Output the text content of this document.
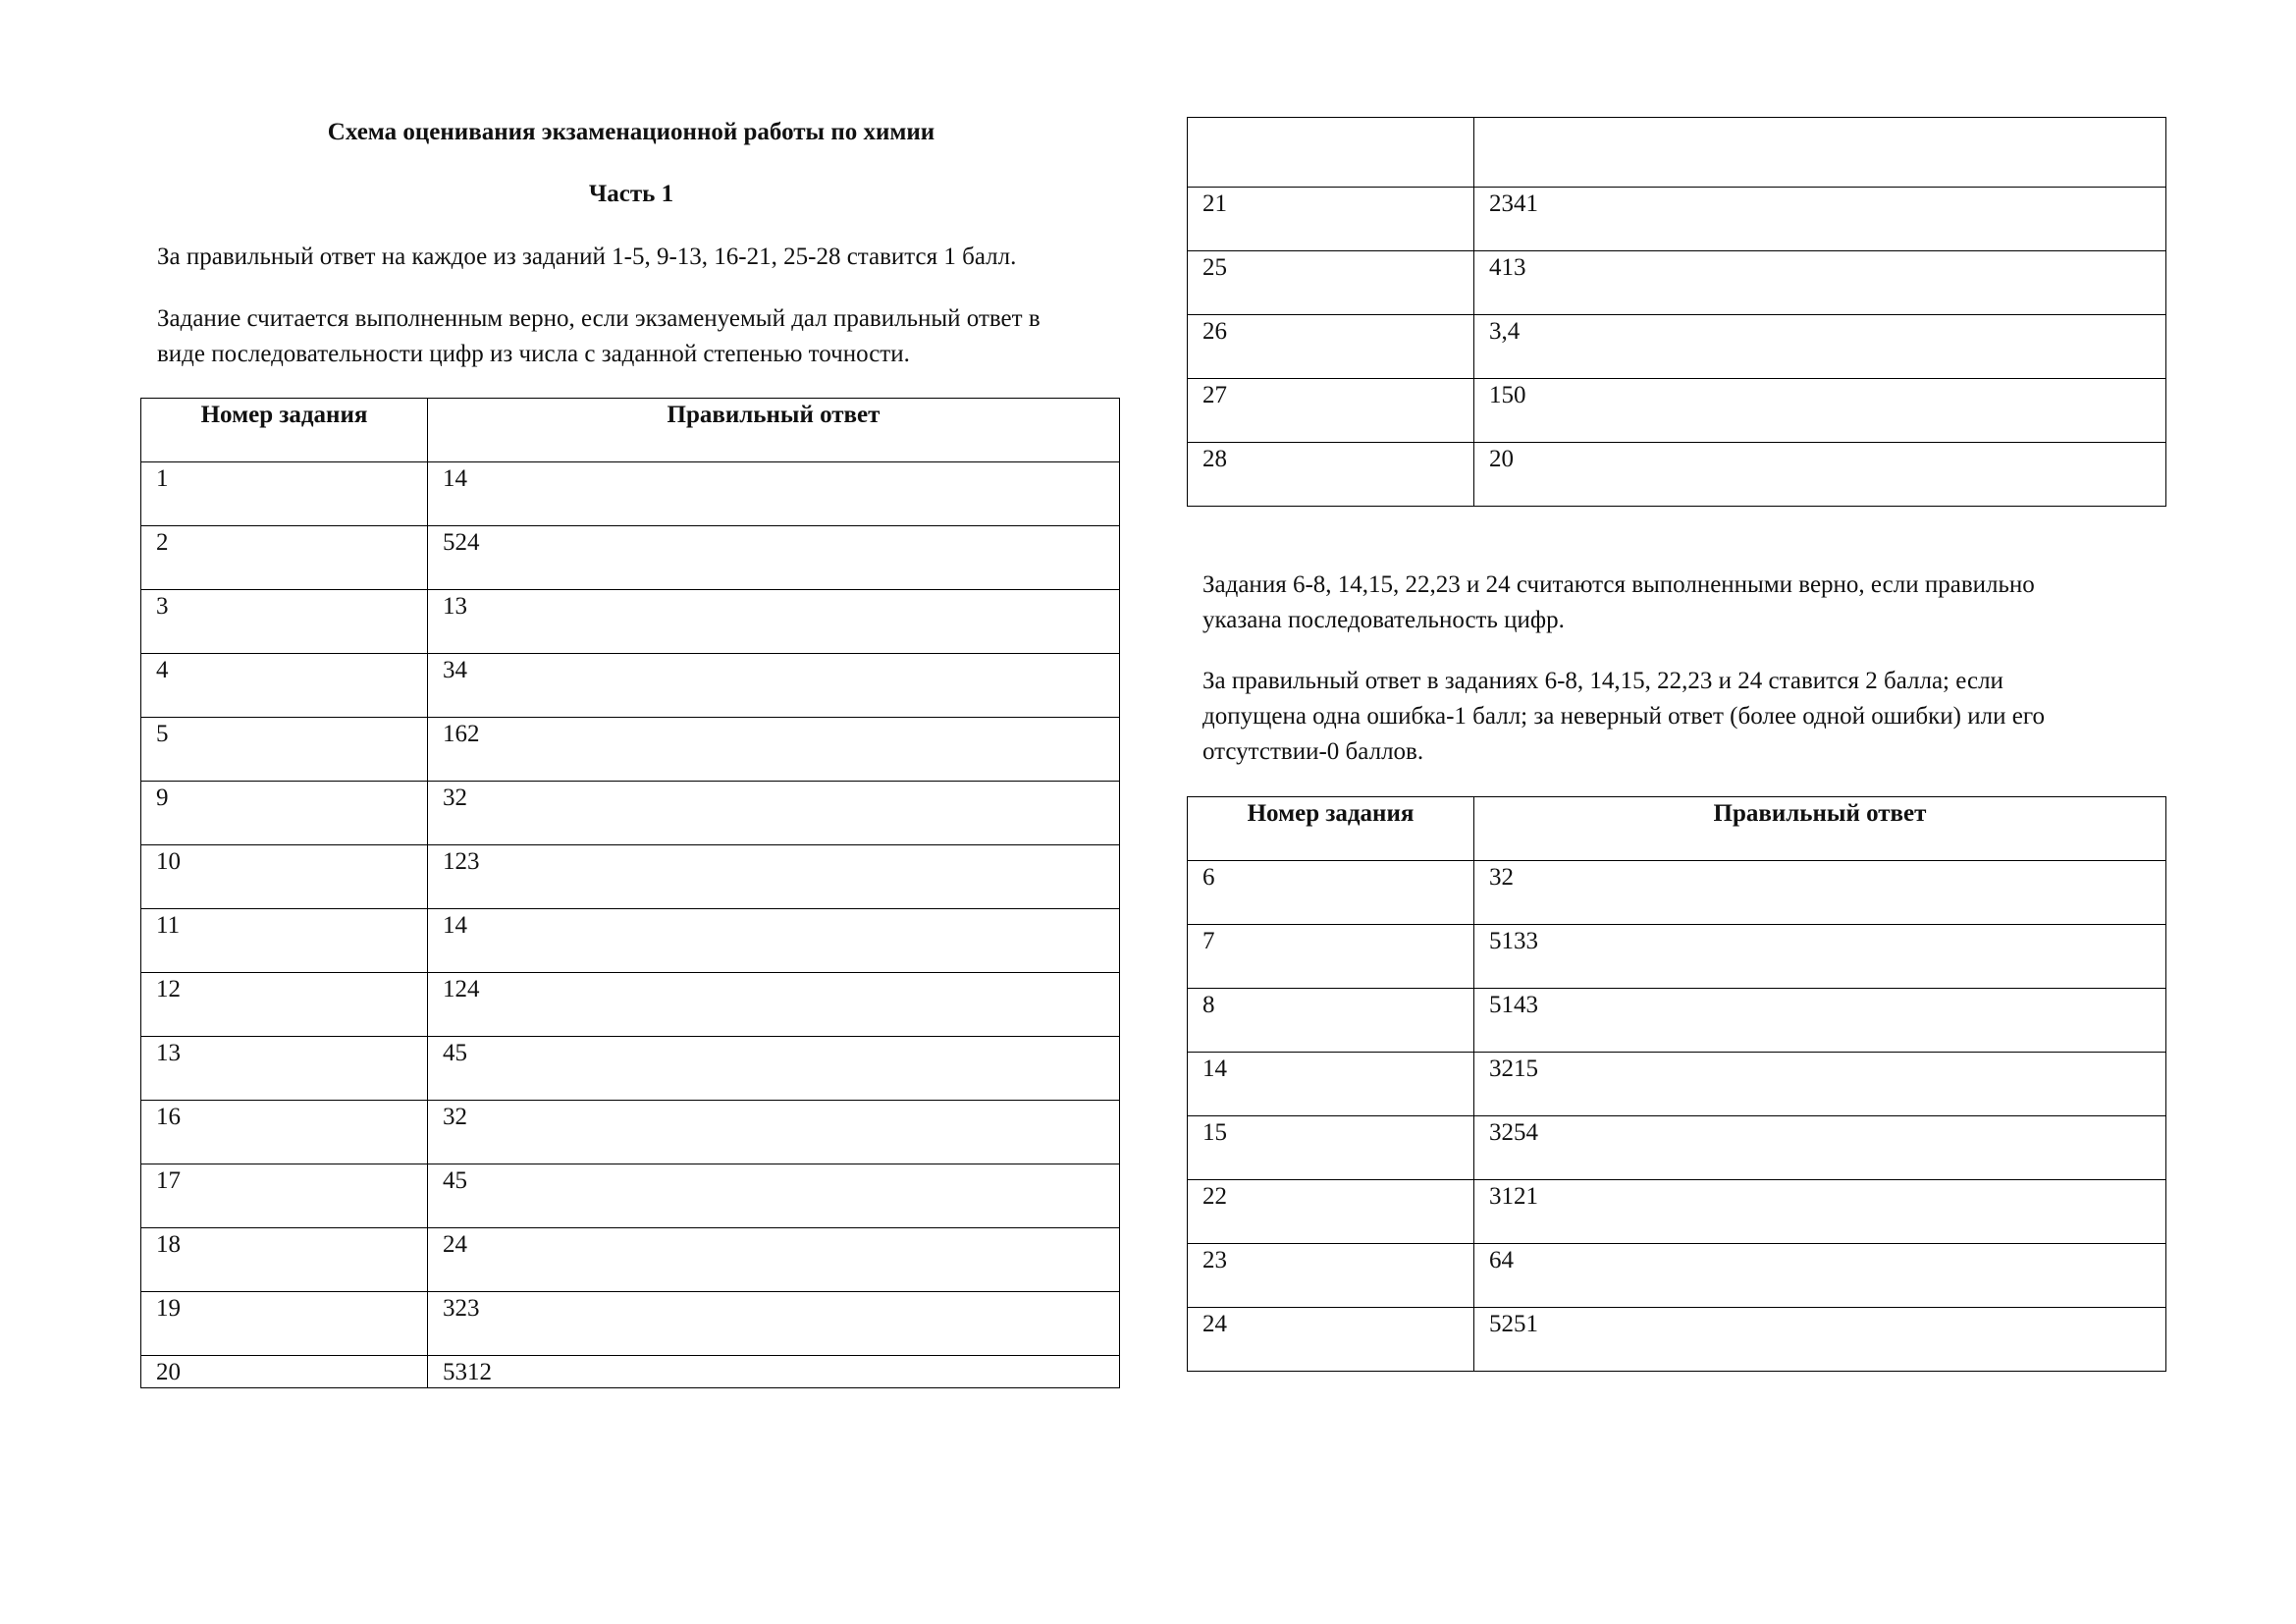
Схема оценивания экзаменационной работы по химии
Часть 1
За правильный ответ на каждое из заданий 1-5, 9-13, 16-21, 25-28 ставится 1 балл.
Задание считается выполненным верно, если экзаменуемый дал правильный ответ в
виде последовательности цифр из числа с заданной степенью точности.
Номер задания	Правильный ответ
1	14
2	524
3	13
4	34
5	162
9	32
10	123
11	14
12	124
13	45
16	32
17	45
18	24
19	323
20	5312

21	2341
25	413
26	3,4
27	150
28	20
Задания 6-8, 14,15, 22,23 и 24 считаются выполненными верно, если правильно
указана последовательность цифр.
За правильный ответ в заданиях 6-8, 14,15, 22,23 и 24 ставится 2 балла; если
допущена одна ошибка-1 балл; за неверный ответ (более одной ошибки) или его
отсутствии-0 баллов.
Номер задания	Правильный ответ
6	32
7	5133
8	5143
14	3215
15	3254
22	3121
23	64
24	5251
